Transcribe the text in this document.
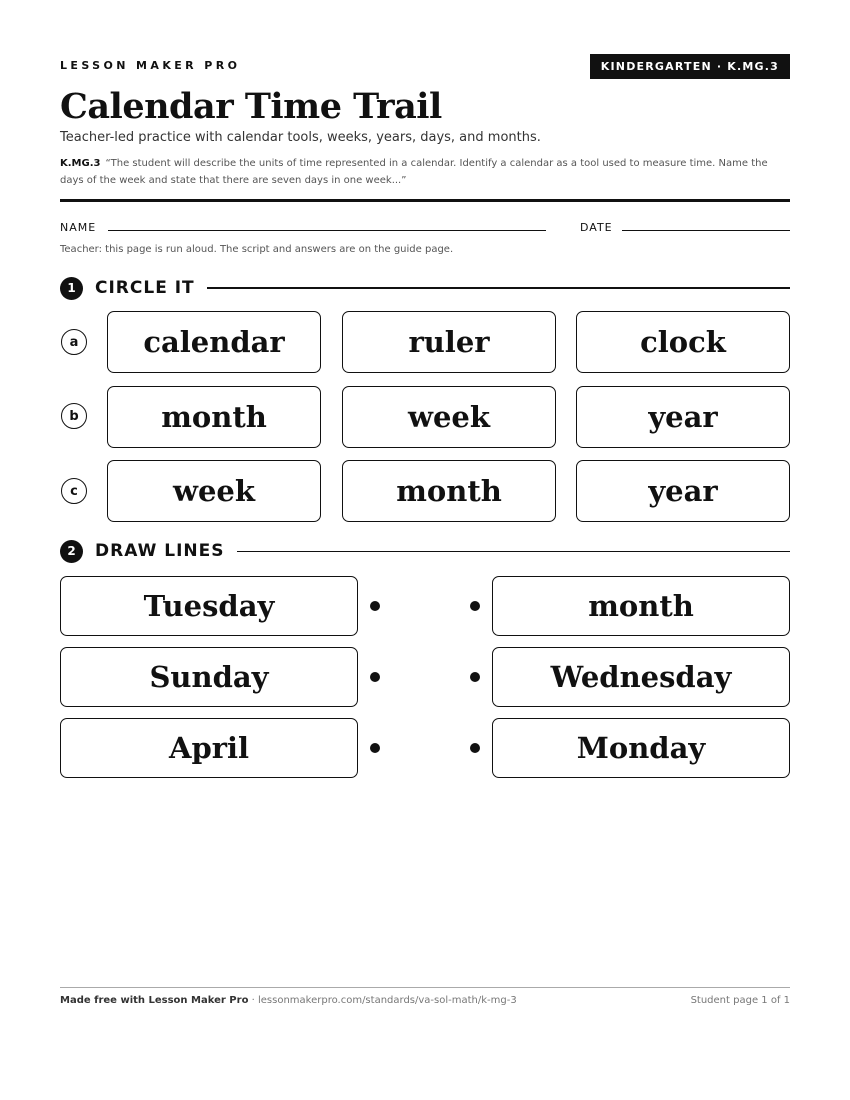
LESSON MAKER PRO	KINDERGARTEN · K.MG.3
Calendar Time Trail
Teacher-led practice with calendar tools, weeks, years, days, and months.
K.MG.3 “The student will describe the units of time represented in a calendar. Identify a calendar as a tool used to measure time. Name the days of the week and state that there are seven days in one week...”
NAME	DATE
Teacher: this page is run aloud. The script and answers are on the guide page.
1	CIRCLE IT
a	calendar	ruler	clock
b	month	week	year
c	week	month	year
2	DRAW LINES
Tuesday	month
Sunday	Wednesday
April	Monday
Made free with Lesson Maker Pro · lessonmakerpro.com/standards/va-sol-math/k-mg-3	Student page 1 of 1
